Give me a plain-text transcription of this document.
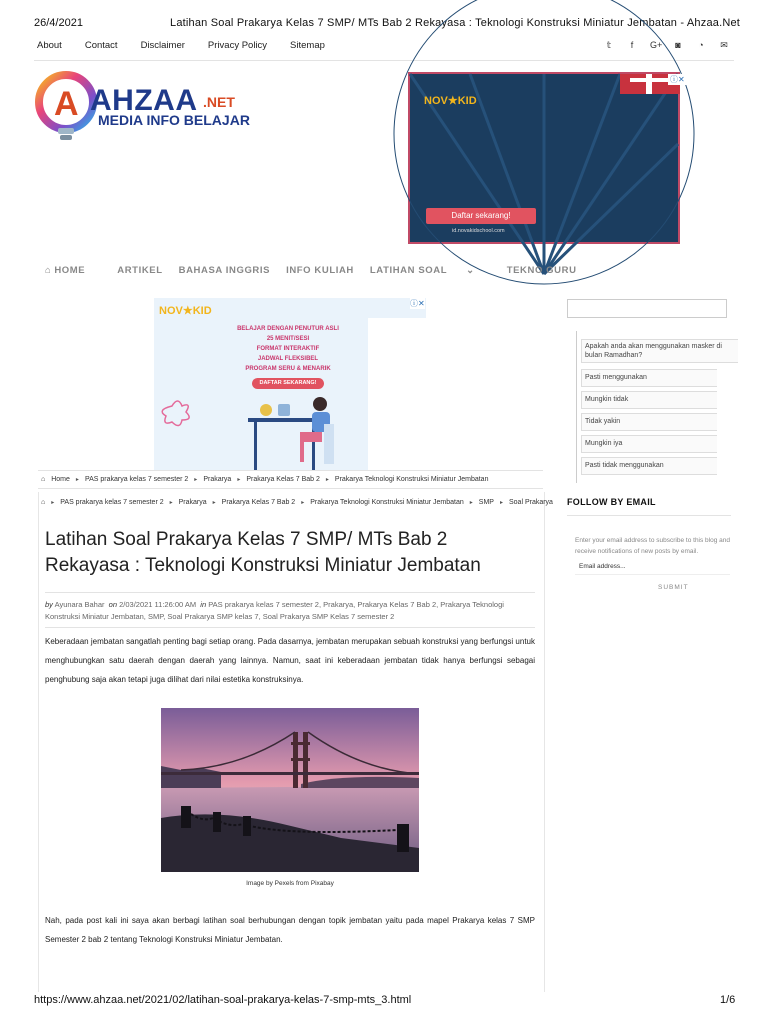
26/4/2021	Latihan Soal Prakarya Kelas 7 SMP/ MTs Bab 2 Rekayasa : Teknologi Konstruksi Miniatur Jembatan - Ahzaa.Net
About Contact Disclaimer Privacy Policy Sitemap	𝕥	f	G+ ◙ ◔ ✉
A AHZAA .NET
MEDIA INFO BELAJAR
NOV★KID
Daftar sekarang!
id.novakidschool.com
ⓘ✕
⌂ HOME	ARTIKEL BAHASA INGGRIS INFO KULIAH LATIHAN SOAL ⌄	TEKNO GURU
NOV★KID
BELAJAR DENGAN PENUTUR ASLI
25 MENIT/SESI
FORMAT INTERAKTIF
JADWAL FLEKSIBEL
PROGRAM SERU & MENARIK
DAFTAR SEKARANG!
ⓘ✕
⌂ Home ▸ PAS prakarya kelas 7 semester 2 ▸ Prakarya ▸ Prakarya Kelas 7 Bab 2 ▸ Prakarya Teknologi Konstruksi Miniatur Jembatan
⌂ ▸ PAS prakarya kelas 7 semester 2 ▸ Prakarya ▸ Prakarya Kelas 7 Bab 2 ▸ Prakarya Teknologi Konstruksi Miniatur Jembatan ▸ SMP ▸ Soal Prakarya
Latihan Soal Prakarya Kelas 7 SMP/ MTs Bab 2 Rekayasa : Teknologi Konstruksi Miniatur Jembatan
by Ayunara Bahar on 2/03/2021 11:26:00 AM in PAS prakarya kelas 7 semester 2, Prakarya, Prakarya Kelas 7 Bab 2, Prakarya Teknologi Konstruksi Miniatur Jembatan, SMP, Soal Prakarya SMP kelas 7, Soal Prakarya SMP Kelas 7 semester 2

Keberadaan jembatan sangatlah penting bagi setiap orang. Pada dasarnya, jembatan merupakan sebuah konstruksi yang berfungsi untuk menghubungkan satu daerah dengan daerah yang lainnya. Namun, saat ini keberadaan jembatan tidak hanya berfungsi sebagai penghubung saja akan tetapi juga dilihat dari nilai estetika konstruksinya.

Image by Pexels from Pixabay

Nah, pada post kali ini saya akan berbagi latihan soal berhubungan dengan topik jembatan yaitu pada mapel Prakarya kelas 7 SMP Semester 2 bab 2 tentang Teknologi Konstruksi Miniatur Jembatan.

Apakah anda akan menggunakan masker di bulan Ramadhan?
Pasti menggunakan
Mungkin tidak
Tidak yakin
Mungkin iya
Pasti tidak menggunakan
FOLLOW BY EMAIL
Enter your email address to subscribe to this blog and receive notifications of new posts by email.
Email address...
SUBMIT
https://www.ahzaa.net/2021/02/latihan-soal-prakarya-kelas-7-smp-mts_3.html	1/6
